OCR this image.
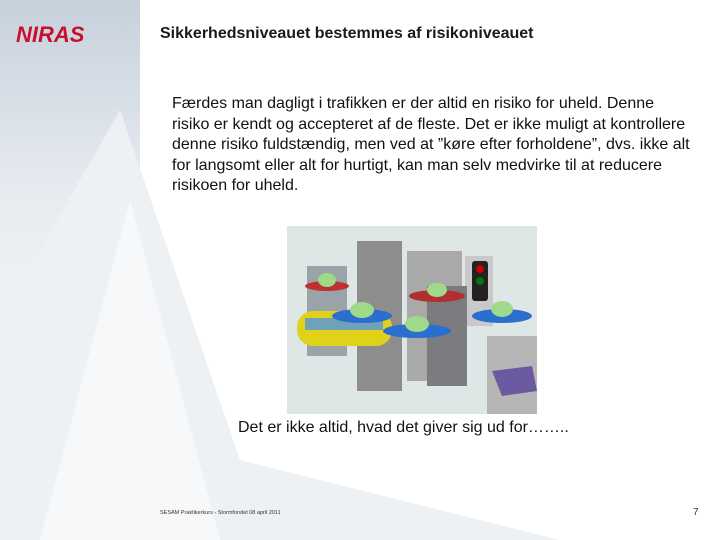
NIRAS	Sikkerhedsniveauet bestemmes af risikoniveauet

Færdes man dagligt i trafikken er der altid en risiko for uheld. Denne risiko er kendt og accepteret af de fleste. Det er ikke muligt at kontrollere denne risiko fuldstændig, men ved at ”køre efter forholdene”, dvs. ikke alt for langsomt eller alt for hurtigt, kan man selv medvirke til at reducere risikoen for uheld.

Det er ikke altid, hvad det giver sig ud for……..

SESAM Praktikerkurs - Stormfondet 08 april 2011	7
